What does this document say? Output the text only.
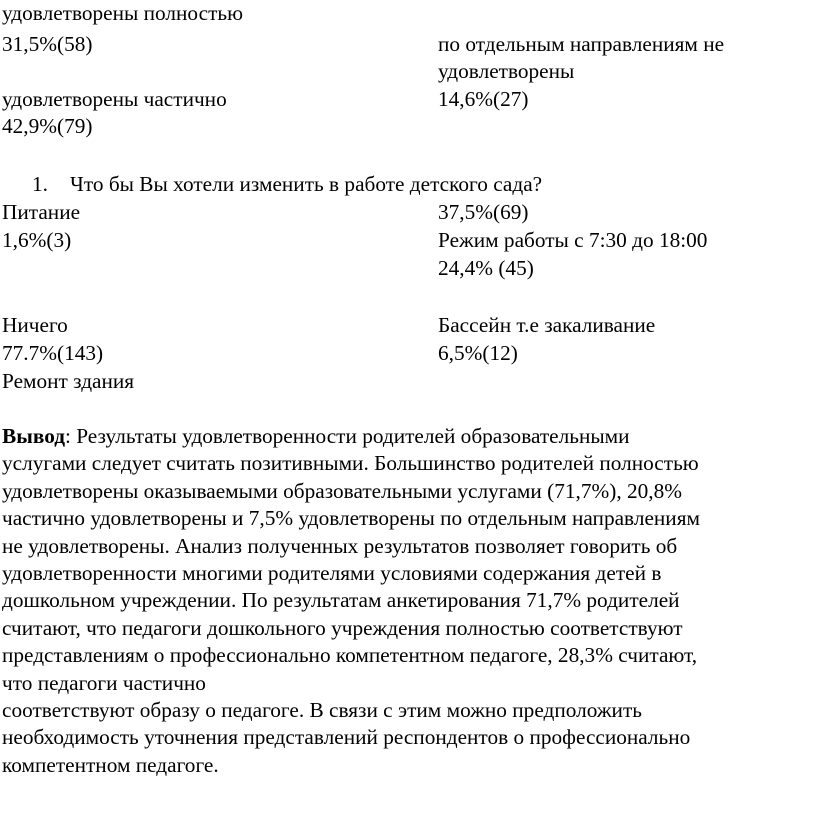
удовлетворены полностью
31,5%(58)	по отдельным направлениям не
удовлетворены
удовлетворены частично	14,6%(27)
42,9%(79)
1. Что бы Вы хотели изменить в работе детского сада?
Питание	37,5%(69)
1,6%(3)	Режим работы с 7:30 до 18:00
24,4% (45)
Ничего	Бассейн т.е закаливание
77.7%(143)	6,5%(12)
Ремонт здания
Вывод: Результаты удовлетворенности родителей образовательными
услугами следует считать позитивными. Большинство родителей полностью
удовлетворены оказываемыми образовательными услугами (71,7%), 20,8%
частично удовлетворены и 7,5% удовлетворены по отдельным направлениям
не удовлетворены. Анализ полученных результатов позволяет говорить об
удовлетворенности многими родителями условиями содержания детей в
дошкольном учреждении. По результатам анкетирования 71,7% родителей
считают, что педагоги дошкольного учреждения полностью соответствуют
представлениям о профессионально компетентном педагоге, 28,3% считают,
что педагоги частично
соответствуют образу о педагоге. В связи с этим можно предположить
необходимость уточнения представлений респондентов о профессионально
компетентном педагоге.
